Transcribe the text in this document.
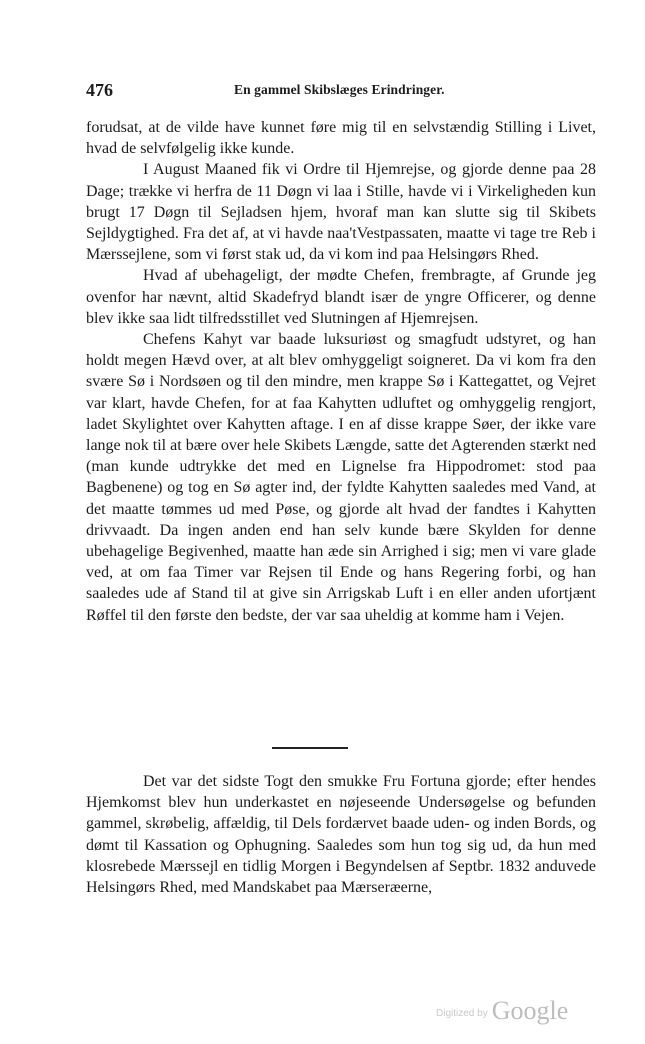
476	En gammel Skibslæges Erindringer.

forudsat, at de vilde have kunnet føre mig til en selvstændig Stilling i Livet, hvad de selvfølgelig ikke kunde.

I August Maaned fik vi Ordre til Hjemrejse, og gjorde denne paa 28 Dage; trække vi herfra de 11 Døgn vi laa i Stille, havde vi i Virkeligheden kun brugt 17 Døgn til Sejladsen hjem, hvoraf man kan slutte sig til Skibets Sejldygtighed. Fra det af, at vi havde naa'tVestpassaten, maatte vi tage tre Reb i Mærssejlene, som vi først stak ud, da vi kom ind paa Helsingørs Rhed.

Hvad af ubehageligt, der mødte Chefen, frembragte, af Grunde jeg ovenfor har nævnt, altid Skadefryd blandt især de yngre Officerer, og denne blev ikke saa lidt tilfredsstillet ved Slutningen af Hjemrejsen.

Chefens Kahyt var baade luksuriøst og smagfudt udstyret, og han holdt megen Hævd over, at alt blev omhyggeligt soigneret. Da vi kom fra den svære Sø i Nordsøen og til den mindre, men krappe Sø i Kattegattet, og Vejret var klart, havde Chefen, for at faa Kahytten udluftet og omhyggelig rengjort, ladet Skylightet over Kahytten aftage. I en af disse krappe Søer, der ikke vare lange nok til at bære over hele Skibets Længde, satte det Agterenden stærkt ned (man kunde udtrykke det med en Lignelse fra Hippodromet: stod paa Bagbenene) og tog en Sø agter ind, der fyldte Kahytten saaledes med Vand, at det maatte tømmes ud med Pøse, og gjorde alt hvad der fandtes i Kahytten drivvaadt. Da ingen anden end han selv kunde bære Skylden for denne ubehagelige Begivenhed, maatte han æde sin Arrighed i sig; men vi vare glade ved, at om faa Timer var Rejsen til Ende og hans Regering forbi, og han saaledes ude af Stand til at give sin Arrigskab Luft i en eller anden ufortjænt Røffel til den første den bedste, der var saa uheldig at komme ham i Vejen.

Det var det sidste Togt den smukke Fru Fortuna gjorde; efter hendes Hjemkomst blev hun underkastet en nøjeseende Undersøgelse og befunden gammel, skrøbelig, affældig, til Dels fordærvet baade uden- og inden Bords, og dømt til Kassation og Ophugning. Saaledes som hun tog sig ud, da hun med klosrebede Mærssejl en tidlig Morgen i Begyndelsen af Septbr. 1832 anduvede Helsingørs Rhed, med Mandskabet paa Mærseræerne,

Digitized by Google
